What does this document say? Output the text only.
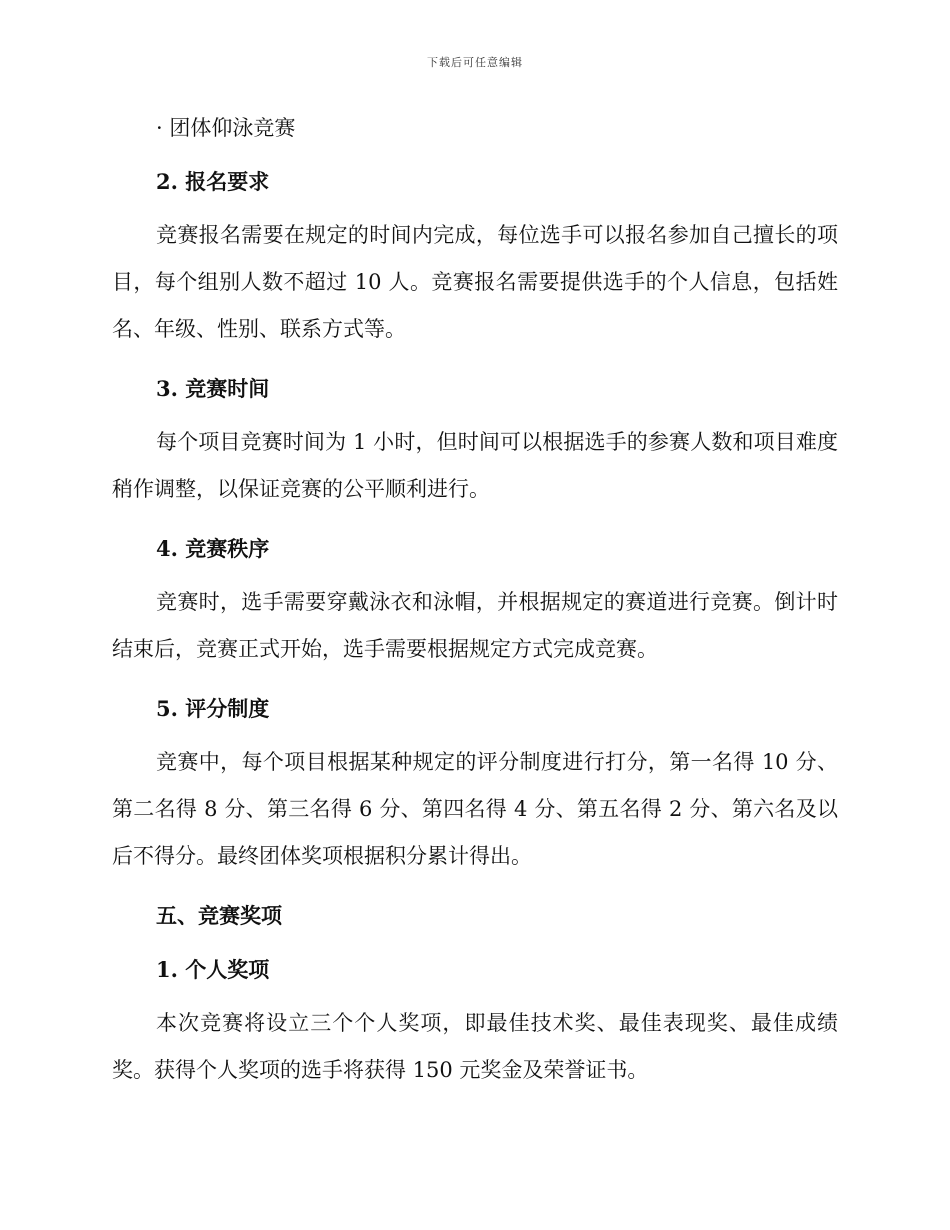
下载后可任意编辑

· 团体仰泳竞赛

2. 报名要求

竞赛报名需要在规定的时间内完成，每位选手可以报名参加自己擅长的项目，每个组别人数不超过 10 人。竞赛报名需要提供选手的个人信息，包括姓名、年级、性别、联系方式等。

3. 竞赛时间

每个项目竞赛时间为 1 小时，但时间可以根据选手的参赛人数和项目难度稍作调整，以保证竞赛的公平顺利进行。

4. 竞赛秩序

竞赛时，选手需要穿戴泳衣和泳帽，并根据规定的赛道进行竞赛。倒计时结束后，竞赛正式开始，选手需要根据规定方式完成竞赛。

5. 评分制度

竞赛中，每个项目根据某种规定的评分制度进行打分，第一名得 10 分、第二名得 8 分、第三名得 6 分、第四名得 4 分、第五名得 2 分、第六名及以后不得分。最终团体奖项根据积分累计得出。

五、竞赛奖项

1. 个人奖项

本次竞赛将设立三个个人奖项，即最佳技术奖、最佳表现奖、最佳成绩奖。获得个人奖项的选手将获得 150 元奖金及荣誉证书。
